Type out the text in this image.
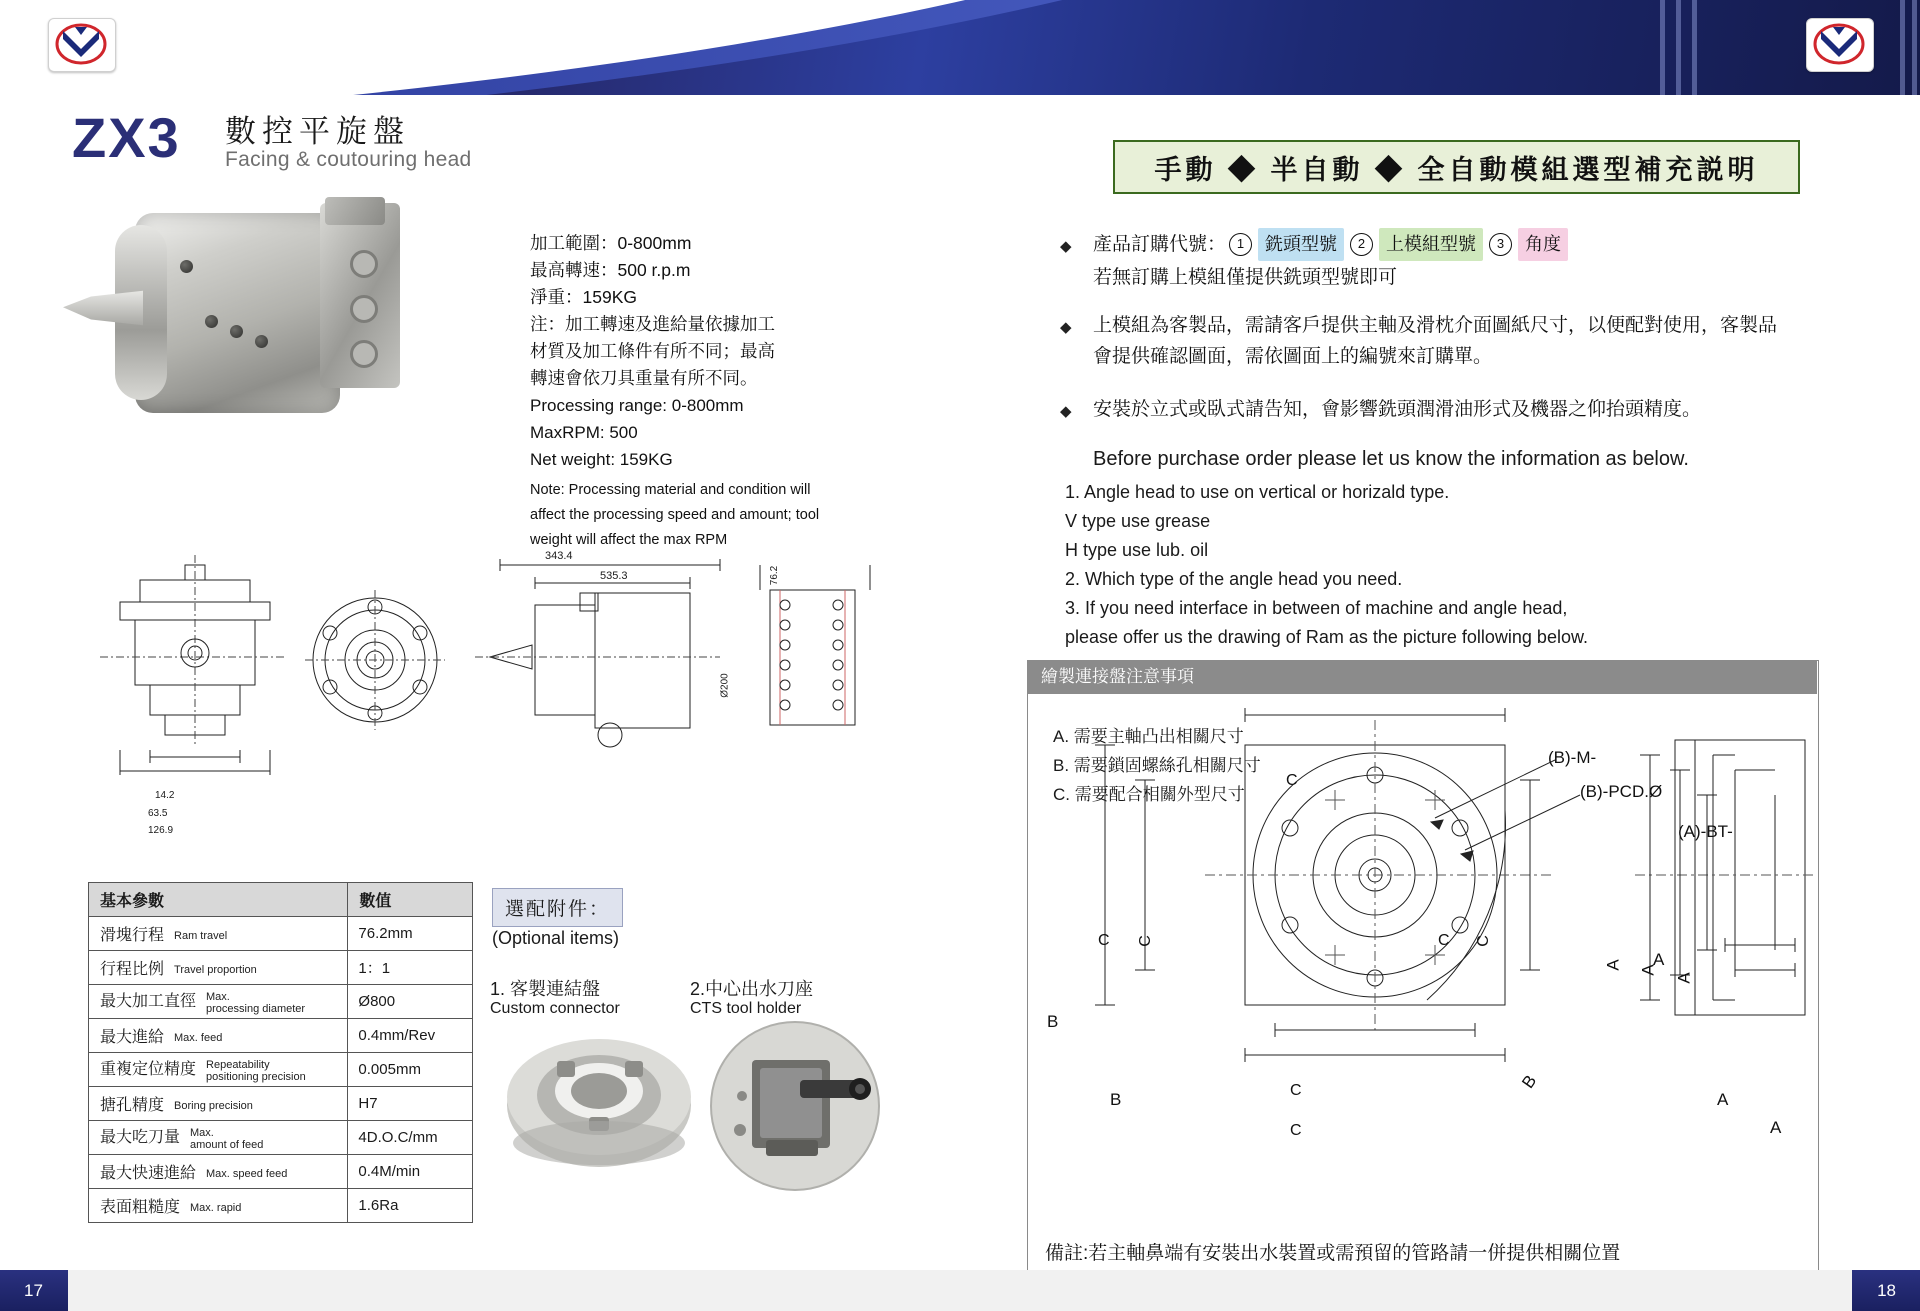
ZX3 數控平旋盤
Facing & coutouring head
加工範圍：0-800mm
最高轉速：500 r.p.m
淨重：159KG
注：加工轉速及進給量依據加工
材質及加工條件有所不同；最高
轉速會依刀具重量有所不同。
Processing range: 0-800mm
MaxRPM: 500
Net weight: 159KG
Note: Processing material and condition will
affect the processing speed and amount; tool
weight will affect the max RPM
343.4
535.3	76.2
Ø200
14.2
63.5
126.9
基本參數	數值
滑塊行程 Ram travel	76.2mm
行程比例 Travel proportion	1：1
最大加工直徑 Max.
processing diameter	Ø800
最大進給 Max. feed	0.4mm/Rev
重複定位精度 Repeatability
positioning precision	0.005mm
搪孔精度 Boring precision	H7
最大吃刀量 Max.
amount of feed	4D.O.C/mm
最大快速進給 Max. speed feed	0.4M/min
表面粗糙度 Max. rapid	1.6Ra
選配附件：
(Optional items)
1. 客製連結盤
Custom connector
2.中心出水刀座
CTS tool holder
手動 ◆ 半自動 ◆ 全自動模組選型補充説明
◆ 產品訂購代號： 1 銑頭型號 2 上模組型號 3 角度
若無訂購上模組僅提供銑頭型號即可
◆ 上模組為客製品，需請客戶提供主軸及滑枕介面圖紙尺寸，以便配對使用，客製品
會提供確認圖面，需依圖面上的編號來訂購單。
◆ 安裝於立式或臥式請告知，會影響銑頭潤滑油形式及機器之仰抬頭精度。
Before purchase order please let us know the information as below.
1. Angle head to use on vertical or horizald type.
V type use grease
H type use lub. oil
2. Which type of the angle head you need.
3. If you need interface in between of machine and angle head,
please offer us the drawing of Ram as the picture following below.
繪製連接盤注意事項
A. 需要主軸凸出相關尺寸
B. 需要鎖固螺絲孔相關尺寸
C. 需要配合相關外型尺寸
(B)-M-
(B)-PCD.Ø
(A)-BT-
C
C C	C C
C
C
B
B
B
A
A
A
A A
A
備註:若主軸鼻端有安裝出水裝置或需預留的管路請一併提供相關位置
17	18
